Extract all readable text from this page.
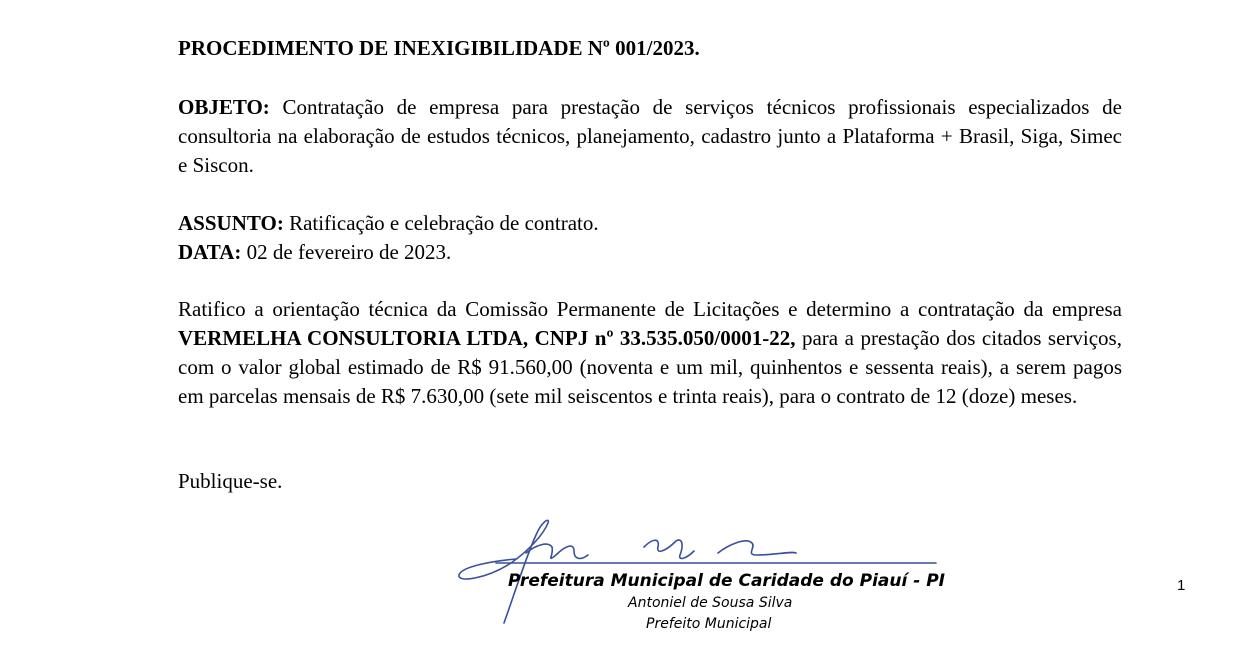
PROCEDIMENTO DE INEXIGIBILIDADE Nº 001/2023.

OBJETO: Contratação de empresa para prestação de serviços técnicos profissionais especializados de consultoria na elaboração de estudos técnicos, planejamento, cadastro junto a Plataforma + Brasil, Siga, Simec e Siscon.

ASSUNTO: Ratificação e celebração de contrato.

DATA: 02 de fevereiro de 2023.

Ratifico a orientação técnica da Comissão Permanente de Licitações e determino a contratação da empresa VERMELHA CONSULTORIA LTDA, CNPJ nº 33.535.050/0001-22, para a prestação dos citados serviços, com o valor global estimado de R$ 91.560,00 (noventa e um mil, quinhentos e sessenta reais), a serem pagos em parcelas mensais de R$ 7.630,00 (sete mil seiscentos e trinta reais), para o contrato de 12 (doze) meses.

Publique-se.

Prefeitura Municipal de Caridade do Piauí - PI
Antoniel de Sousa Silva
Prefeito Municipal
1
